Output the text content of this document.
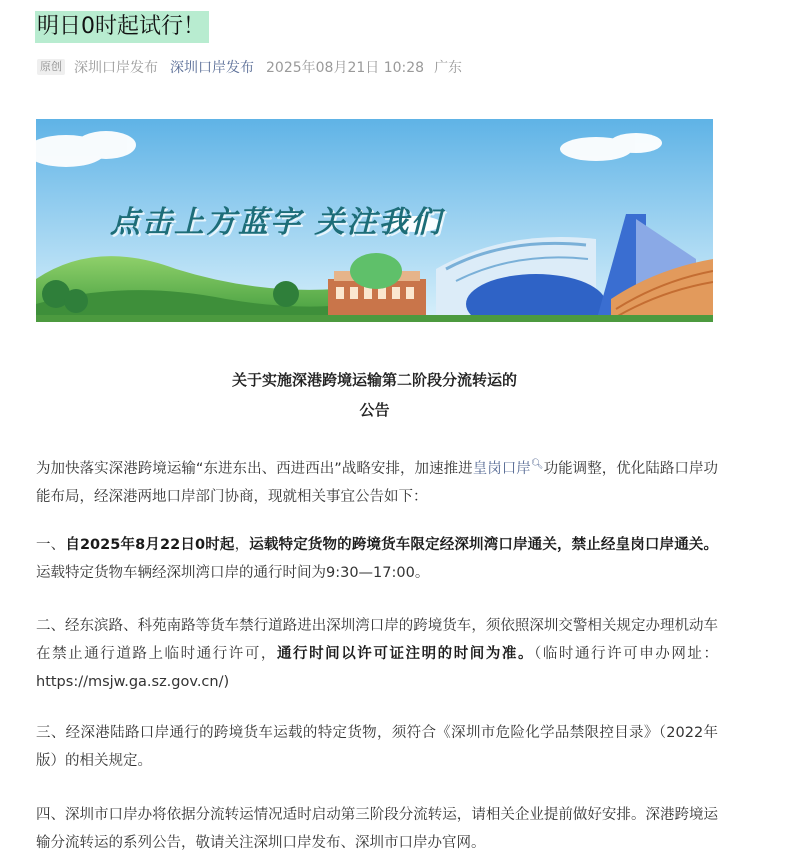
明日0时起试行！
原创 深圳口岸发布 深圳口岸发布 2025年08月21日 10:28 广东
点击上方蓝字 关注我们
关于实施深港跨境运输第二阶段分流转运的
公告
为加快落实深港跨境运输“东进东出、西进西出”战略安排，加速推进皇岗口岸🔍︎功能调整，优化陆路口岸功能布局，经深港两地口岸部门协商，现就相关事宜公告如下：
一、自2025年8月22日0时起，运载特定货物的跨境货车限定经深圳湾口岸通关，禁止经皇岗口岸通关。运载特定货物车辆经深圳湾口岸的通行时间为9:30—17:00。
二、经东滨路、科苑南路等货车禁行道路进出深圳湾口岸的跨境货车，须依照深圳交警相关规定办理机动车在禁止通行道路上临时通行许可，通行时间以许可证注明的时间为准。（临时通行许可申办网址：https://msjw.ga.sz.gov.cn/)
三、经深港陆路口岸通行的跨境货车运载的特定货物，须符合《深圳市危险化学品禁限控目录》（2022年版）的相关规定。
四、深圳市口岸办将依据分流转运情况适时启动第三阶段分流转运，请相关企业提前做好安排。深港跨境运输分流转运的系列公告，敬请关注深圳口岸发布、深圳市口岸办官网。
